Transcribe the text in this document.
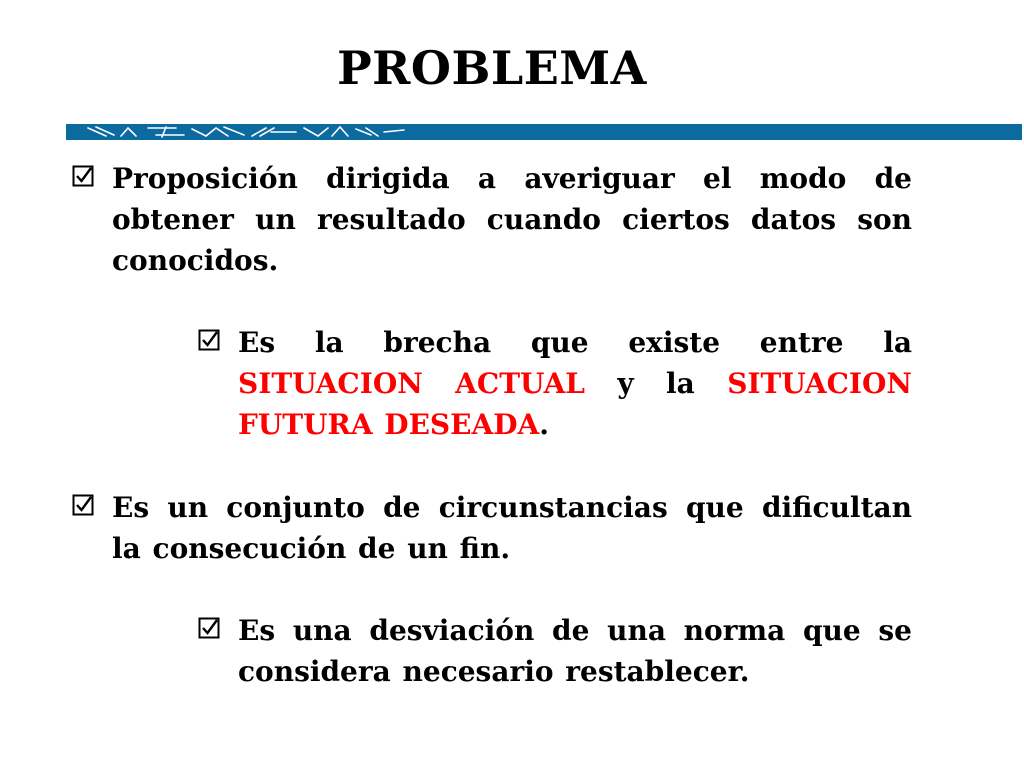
PROBLEMA
Proposición dirigida a averiguar el modo de obtener un resultado cuando ciertos datos son conocidos.
Es la brecha que existe entre la SITUACION ACTUAL y la SITUACION FUTURA DESEADA.
Es un conjunto de circunstancias que dificultan la consecución de un fin.
Es una desviación de una norma que se considera necesario restablecer.
